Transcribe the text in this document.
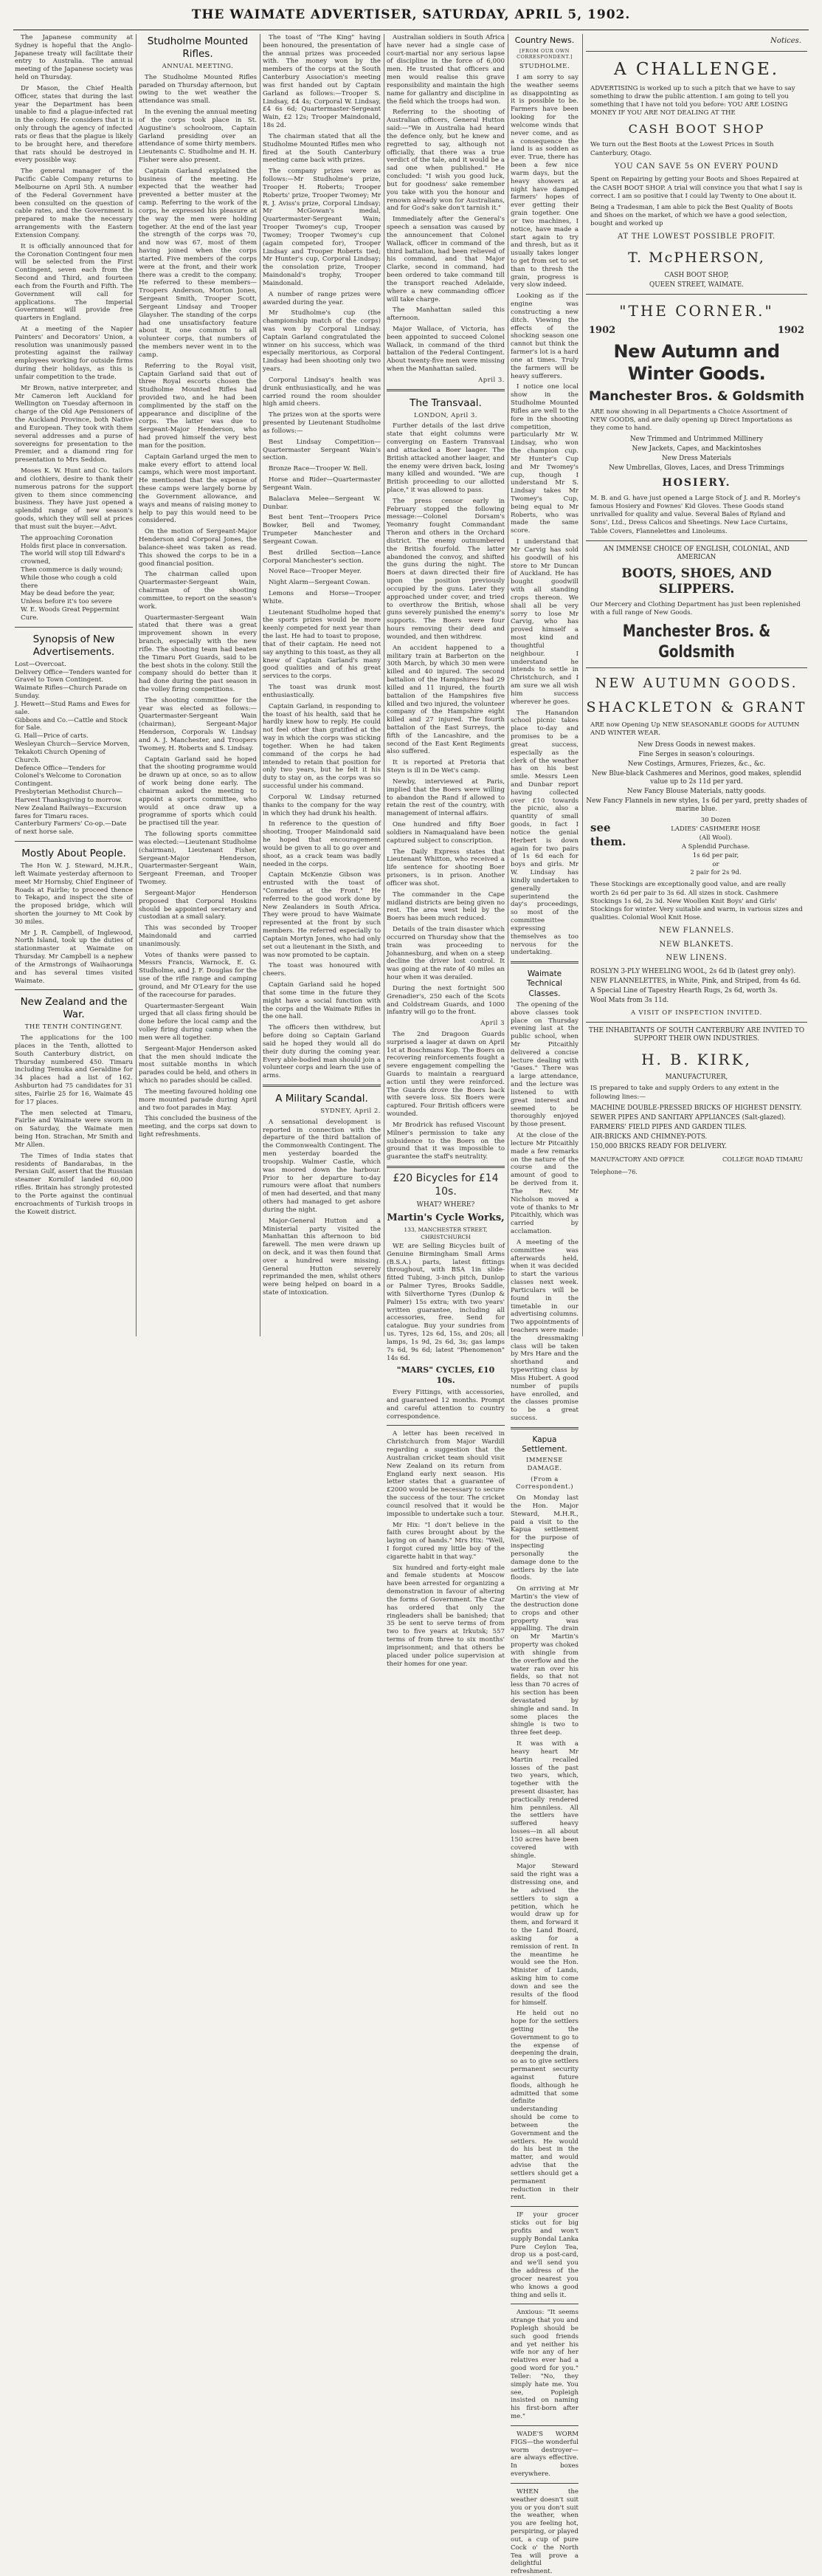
THE WAIMATE ADVERTISER, SATURDAY, APRIL 5, 1902.

The Japanese community at Sydney is hopeful that the Anglo-Japanese treaty will facilitate their entry to Australia. The annual meeting of the Japanese society was held on Thursday.

Dr Mason, the Chief Health Officer, states that during the last year the Department has been unable to find a plague-infected rat in the colony. He considers that it is only through the agency of infected rats or fleas that the plague is likely to be brought here, and therefore that rats should be destroyed in every possible way.

The general manager of the Pacific Cable Company returns to Melbourne on April 5th. A number of the Federal Government have been consulted on the question of cable rates, and the Government is prepared to make the necessary arrangements with the Eastern Extension Company.

It is officially announced that for the Coronation Contingent four men will be selected from the First Contingent, seven each from the Second and Third, and fourteen each from the Fourth and Fifth. The Government will call for applications. The Imperial Government will provide free quarters in England.

At a meeting of the Napier Painters' and Decorators' Union, a resolution was unanimously passed protesting against the railway employees working for outside firms during their holidays, as this is unfair competition to the trade.

Mr Brown, native interpreter, and Mr Cameron left Auckland for Wellington on Tuesday afternoon in charge of the Old Age Pensioners of the Auckland Province, both Native and European. They took with them several addresses and a purse of sovereigns for presentation to the Premier, and a diamond ring for presentation to Mrs Seddon.

Moses K. W. Hunt and Co. tailors and clothiers, desire to thank their numerous patrons for the support given to them since commencing business. They have just opened a splendid range of new season's goods, which they will sell at prices that must suit the buyer.—Advt.

The approaching Coronation
Holds first place in conversation.
The world will stop till Edward's crowned,
Then commerce is daily wound;
While those who cough a cold there
May be dead before the year,
Unless before it's too severe
W. E. Woods Great Peppermint Cure.
Synopsis of New Advertisements.
Lost—Overcoat.
Delivery Office—Tenders wanted for Gravel to Town Contingent.
Waimate Rifles—Church Parade on Sunday.
J. Hewett—Stud Rams and Ewes for sale.
Gibbons and Co.—Cattle and Stock for Sale.
G. Hall—Price of carts.
Wesleyan Church—Service Morven, Tekakoti Church Opening of Church.
Defence Office—Tenders for Colonel's Welcome to Coronation Contingent.
Presbyterian Methodist Church—Harvest Thanksgiving to morrow.
New Zealand Railways—Excursion fares for Timaru races.
Canterbury Farmers' Co-op.—Date of next horse sale.
Mostly About People.

The Hon W. J. Steward, M.H.R., left Waimate yesterday afternoon to meet Mr Hornsby, Chief Engineer of Roads at Fairlie; to proceed thence to Tekapo, and inspect the site of the proposed bridge, which will shorten the journey to Mt Cook by 30 miles.

Mr J. R. Campbell, of Inglewood, North Island, took up the duties of stationmaster at Waimate on Thursday. Mr Campbell is a nephew of the Armstrongs of Waihaorunga and has several times visited Waimate.

New Zealand and the War.
THE TENTH CONTINGENT.

The applications for the 100 places in the Tenth, allotted to South Canterbury district, on Thursday numbered 450. Timaru including Temuka and Geraldine for 34 places had a list of 162. Ashburton had 75 candidates for 31 sites, Fairlie 25 for 16, Waimate 45 for 17 places.

The men selected at Timaru, Fairlie and Waimate were sworn in on Saturday, the Waimate men being Hon. Strachan, Mr Smith and Mr Allen.

The Times of India states that residents of Bandarabas, in the Persian Gulf, assert that the Russian steamer Kornilof landed 60,000 rifles. Britain has strongly protested to the Porte against the continual encroachments of Turkish troops in the Koweit district.

Studholme Mounted Rifles.
ANNUAL MEETING.

The Studholme Mounted Rifles paraded on Thursday afternoon, but owing to the wet weather the attendance was small.

In the evening the annual meeting of the corps took place in St. Augustine's schoolroom, Captain Garland presiding over an attendance of some thirty members. Lieutenants C. Studholme and H. H. Fisher were also present.

Captain Garland explained the business of the meeting. He expected that the weather had prevented a better muster at the camp. Referring to the work of the corps, he expressed his pleasure at the way the men were holding together. At the end of the last year the strength of the corps was 70, and now was 67, most of them having joined when the corps started. Five members of the corps were at the front, and their work there was a credit to the company. He referred to these members—Troopers Anderson, Morton Jones, Sergeant Smith, Trooper Scott, Sergeant Lindsay and Trooper Glaysher. The standing of the corps had one unsatisfactory feature about it, one common to all volunteer corps, that numbers of the members never went in to the camp.

Referring to the Royal visit, Captain Garland said that out of three Royal escorts chosen the Studholme Mounted Rifles had provided two, and he had been complimented by the staff on the appearance and discipline of the corps. The latter was due to Sergeant-Major Henderson, who had proved himself the very best man for the position.

Captain Garland urged the men to make every effort to attend local camps, which were most important. He mentioned that the expense of these camps were largely borne by the Government allowance, and ways and means of raising money to help to pay this would need to be considered.

On the motion of Sergeant-Major Henderson and Corporal Jones, the balance-sheet was taken as read. This showed the corps to be in a good financial position.

The chairman called upon Quartermaster-Sergeant Wain, chairman of the shooting committee, to report on the season's work.

Quartermaster-Sergeant Wain stated that there was a great improvement shown in every branch, especially with the new rifle. The shooting team had beaten the Timaru Port Guards, said to be the best shots in the colony. Still the company should do better than it had done during the past season in the volley firing competitions.

The shooting committee for the year was elected as follows:—Quartermaster-Sergeant Wain (chairman), Sergeant-Major Henderson, Corporals W. Lindsay and A. J. Manchester, and Troopers Twomey, H. Roberts and S. Lindsay.

Captain Garland said he hoped that the shooting programme would be drawn up at once, so as to allow of work being done early. The chairman asked the meeting to appoint a sports committee, who would at once draw up a programme of sports which could be practised till the year.

The following sports committee was elected:—Lieutenant Studholme (chairman), Lieutenant Fisher, Sergeant-Major Henderson, Quartermaster-Sergeant Wain, Sergeant Freeman, and Trooper Twomey.

Sergeant-Major Henderson proposed that Corporal Hoskins should be appointed secretary and custodian at a small salary.

This was seconded by Trooper Maindonald and carried unanimously.

Votes of thanks were passed to Messrs Francis, Warnock, E. G. Studholme, and J. F. Douglas for the use of the rifle range and camping ground, and Mr O'Leary for the use of the racecourse for parades.

Quartermaster-Sergeant Wain urged that all class firing should be done before the local camp and the volley firing during camp when the men were all together.

Sergeant-Major Henderson asked that the men should indicate the most suitable months in which parades could be held, and others in which no parades should be called.

The meeting favoured holding one more mounted parade during April and two foot parades in May.

This concluded the business of the meeting, and the corps sat down to light refreshments.

The toast of "The King" having been honoured, the presentation of the annual prizes was proceeded with. The money won by the members of the corps at the South Canterbury Association's meeting was first handed out by Captain Garland as follows:—Trooper S. Lindsay, £4 4s; Corporal W. Lindsay, £4 6s 6d; Quartermaster-Sergeant Wain, £2 12s; Trooper Maindonald, 18s 2d.

The chairman stated that all the Studholme Mounted Rifles men who fired at the South Canterbury meeting came back with prizes.

The company prizes were as follows:—Mr Studholme's prize, Trooper H. Roberts; Trooper Roberts' prize, Trooper Twomey; Mr R. J. Aviss's prize, Corporal Lindsay; Mr McGowan's medal, Quartermaster-Sergeant Wain; Trooper Twomey's cup, Trooper Twomey; Trooper Twomey's cup (again competed for), Trooper Lindsay and Trooper Roberts tied; Mr Hunter's cup, Corporal Lindsay; the consolation prize, Trooper Maindonald's trophy, Trooper Maindonald.

A number of range prizes were awarded during the year.

Mr Studholme's cup (the championship match of the corps) was won by Corporal Lindsay. Captain Garland congratulated the winner on his success, which was especially meritorious, as Corporal Lindsay had been shooting only two years.

Corporal Lindsay's health was drunk enthusiastically, and he was carried round the room shoulder high amid cheers.

The prizes won at the sports were presented by Lieutenant Studholme as follows:—

Best Lindsay Competition—Quartermaster Sergeant Wain's section.

Bronze Race—Trooper W. Bell.

Horse and Rider—Quartermaster Sergeant Wain.

Balaclava Melee—Sergeant W. Dunbar.

Best bent Tent—Troopers Price Bowker, Bell and Twomey, Trumpeter Manchester and Sergeant Cowan.

Best drilled Section—Lance Corporal Manchester's section.

Novel Race—Trooper Meyer.

Night Alarm—Sergeant Cowan.

Lemons and Horse—Trooper White.

Lieutenant Studholme hoped that the sports prizes would be more keenly competed for next year than the last. He had to toast to propose, that of their captain. He need not say anything to this toast, as they all knew of Captain Garland's many good qualities and of his great services to the corps.

The toast was drunk most enthusiastically.

Captain Garland, in responding to the toast of his health, said that he hardly knew how to reply. He could not feel other than gratified at the way in which the corps was sticking together. When he had taken command of the corps he had intended to retain that position for only two years, but he felt it his duty to stay on, as the corps was so successful under his command.

Corporal W. Lindsay returned thanks to the company for the way in which they had drunk his health.

In reference to the question of shooting, Trooper Maindonald said he hoped that encouragement would be given to all to go over and shoot, as a crack team was badly needed in the corps.

Captain McKenzie Gibson was entrusted with the toast of "Comrades at the Front." He referred to the good work done by New Zealanders in South Africa. They were proud to have Waimate represented at the front by such members. He referred especially to Captain Mortyn Jones, who had only set out a lieutenant in the Sixth, and was now promoted to be captain.

The toast was honoured with cheers.

Captain Garland said he hoped that some time in the future they might have a social function with the corps and the Waimate Rifles in the one hall.

The officers then withdrew, but before doing so Captain Garland said he hoped they would all do their duty during the coming year. Every able-bodied man should join a volunteer corps and learn the use of arms.

A Military Scandal.
SYDNEY, April 2.

A sensational development is reported in connection with the departure of the third battalion of the Commonwealth Contingent. The men yesterday boarded the troopship. Walmer Castle, which was moored down the harbour. Prior to her departure to-day rumours were afloat that numbers of men had deserted, and that many others had managed to get ashore during the night.

Major-General Hutton and a Ministerial party visited the Manhattan this afternoon to bid farewell. The men were drawn up on deck, and it was then found that over a hundred were missing. General Hutton severely reprimanded the men, whilst others were being helped on board in a state of intoxication.

Australian soldiers in South Africa have never had a single case of court-martial nor any serious lapse of discipline in the force of 6,000 men. He trusted that officers and men would realise this grave responsibility and maintain the high name for gallantry and discipline in the field which the troops had won.

Referring to the shooting of Australian officers, General Hutton said:—"We in Australia had heard the defence only, but he knew and regretted to say, although not officially, that there was a true verdict of the tale, and it would be a sad one when published." He concluded: "I wish you good luck, but for goodness' sake remember you take with you the honour and renown already won for Australians, and for God's sake don't tarnish it."

Immediately after the General's speech a sensation was caused by the announcement that Colonel Wallack, officer in command of the third battalion, had been relieved of his command, and that Major Clarke, second in command, had been ordered to take command till the transport reached Adelaide, where a new commanding officer will take charge.

The Manhattan sailed this afternoon.

Major Wallace, of Victoria, has been appointed to succeed Colonel Wallack, in command of the third battalion of the Federal Contingent. About twenty-five men were missing when the Manhattan sailed.

April 3.
The Transvaal.
LONDON, April 3.

Further details of the last drive state that eight columns were converging on Eastern Transvaal and attacked a Boer laager. The British attacked another laager, and the enemy were driven back, losing many killed and wounded. "We are British proceeding to our allotted place," it was allowed to pass.

The press censor early in February stopped the following message:—Colonel Dorsam's Yeomanry fought Commandant Theron and others in the Orchard district. The enemy outnumbered the British fourfold. The latter abandoned the convoy, and shifted the guns during the night. The Boers at dawn directed their fire upon the position previously occupied by the guns. Later they approached under cover, and tried to overthrow the British, whose guns severely punished the enemy's supports. The Boers were four hours removing their dead and wounded, and then withdrew.

An accident happened to a military train at Barberton on the 30th March, by which 30 men were killed and 40 injured. The second battalion of the Hampshires had 29 killed and 11 injured, the fourth battalion of the Hampshires five killed and two injured, the volunteer company of the Hampshire eight killed and 27 injured. The fourth battalion of the East Surreys, the fifth of the Lancashire, and the second of the East Kent Regiments also suffered.

It is reported at Pretoria that Steyn is ill in De Wet's camp.

Newby, interviewed at Paris, implied that the Boers were willing to abandon the Rand if allowed to retain the rest of the country, with management of internal affairs.

One hundred and fifty Boer soldiers in Namaqualand have been captured subject to conscription.

The Daily Express states that Lieutenant Whitton, who received a life sentence for shooting Boer prisoners, is in prison. Another officer was shot.

The commander in the Cape midland districts are being given no rest. The area west held by the Boers has been much reduced.

Details of the train disaster which occurred on Thursday show that the train was proceeding to Johannesburg, and when on a steep decline the driver lost control. It was going at the rate of 40 miles an hour when it was derailed.

During the next fortnight 500 Grenadier's, 250 each of the Scots and Coldstream Guards, and 1000 infantry will go to the front.

April 3

The 2nd Dragoon Guards surprised a laager at dawn on April 1st at Boschmans Kop. The Boers on recovering reinforcements fought a severe engagement compelling the Guards to maintain a rearguard action until they were reinforced. The Guards drove the Boers back with severe loss. Six Boers were captured. Four British officers were wounded.

Mr Brodrick has refused Viscount Milner's permission to take any subsidence to the Boers on the ground that it was impossible to guarantee the staff's neutrality.

£20 Bicycles for £14 10s.
WHAT? WHERE?
Martin's Cycle Works,
133, MANCHESTER STREET, CHRISTCHURCH

WE are Selling Bicycles built of Genuine Birmingham Small Arms (B.S.A.) parts, latest fittings throughout, with BSA 1in slide-fitted Tubing, 3-inch pitch, Dunlop or Palmer Tyres, Brooks Saddle, with Silverthorne Tyres (Dunlop & Palmer) 15s extra; with two years' written guarantee, including all accessories, free. Send for catalogue. Buy your sundries from us. Tyres, 12s 6d, 15s, and 20s; all lamps, 1s 9d, 2s 6d, 3s; gas lamps 7s 6d, 9s 6d; latest "Phenomenon" 14s 6d.

"MARS" CYCLES, £10 10s.

Every Fittings, with accessories, and guaranteed 12 months. Prompt and careful attention to country correspondence.

A letter has been received in Christchurch from Major Wardill regarding a suggestion that the Australian cricket team should visit New Zealand on its return from England early next season. His letter states that a guarantee of £2000 would be necessary to secure the success of the tour. The cricket council resolved that it would be impossible to undertake such a tour.

Mr Hix: "I don't believe in the faith cures brought about by the laying on of hands." Mrs Hix: "Well, I forgot cured my little boy of the cigarette habit in that way."

Six hundred and forty-eight male and female students at Moscow have been arrested for organizing a demonstration in favour of altering the forms of Government. The Czar has ordered that only the ringleaders shall be banished; that 35 be sent to serve terms of from two to five years at Irkutsk; 557 terms of from three to six months' imprisonment; and that others be placed under police supervision at their homes for one year.

Country News.
[FROM OUR OWN CORRESPONDENT.]
STUDHOLME.

I am sorry to say the weather seems as disappointing as it is possible to be. Farmers have been looking for the welcome winds that never come, and as a consequence the land is as sodden as ever. True, there has been a few nice warm days, but the heavy showers at night have damped farmers' hopes of ever getting their grain together. One or two machines, I notice, have made a start again to try and thresh, but as it usually takes longer to get from set to set than to thresh the grain, progress is very slow indeed.

Looking as if the engine was constructing a new ditch. Viewing the effects of the shocking season one cannot but think the farmer's lot is a hard one at times. Truly the farmers will be heavy sufferers.

I notice one local show in the Studholme Mounted Rifles are well to the fore in the shooting competition, particularly Mr W. Lindsay, who won the champion cup. Mr Hunter's Cup and Mr Twomey's cup, though I understand Mr S. Lindsay takes Mr Twomey's Cup, being equal to Mr Roberts, who was made the same score.

I understand that Mr Carvig has sold his goodwill of his store to Mr Duncan of Auckland. He has bought goodwill with all standing crops thereon. We shall all be very sorry to lose Mr Carvig, who has proved himself a most kind and thoughtful neighbour. I understand he intends to settle in Christchurch, and I am sure we all wish him success wherever he goes.

The Hanandon school picnic takes place to-day and promises to be a great success, especially as the clerk of the weather has on his best smile. Messrs Leen and Dunbar report having collected over £10 towards the picnic, also a quantity of small goods, in fact I notice the genial Herbert is down again for two pairs of 1s 6d each for boys and girls. Mr W. Lindsay has kindly undertaken to generally superintend the day's proceedings, so most of the committee expressing themselves as too nervous for the undertaking.

Waimate Technical Classes.

The opening of the above classes took place on Thursday evening last at the public school, when Mr Pitcaithly delivered a concise lecture dealing with "Gases." There was a large attendance, and the lecture was listened to with great interest and seemed to be thoroughly enjoyed by those present.

At the close of the lecture Mr Pitcaithly made a few remarks on the nature of the course and the amount of good to be derived from it. The Rev. Mr Nicholson moved a vote of thanks to Mr Pitcaithly, which was carried by acclamation.

A meeting of the committee was afterwards held, when it was decided to start the various classes next week. Particulars will be found in the timetable in our advertising columns. Two appointments of teachers were made: the dressmaking class will be taken by Mrs Hare and the shorthand and typewriting class by Miss Hubert. A good number of pupils have enrolled, and the classes promise to be a great success.

Kapua Settlement.
IMMENSE DAMAGE.
(From a Correspondent.)

On Monday last the Hon. Major Steward, M.H.R., paid a visit to the Kapua settlement for the purpose of inspecting personally the damage done to the settlers by the late floods.

On arriving at Mr Martin's the view of the destruction done to crops and other property was appalling. The drain on Mr Martin's property was choked with shingle from the overflow and the water ran over his fields, so that not less than 70 acres of his section has been devastated by shingle and sand. In some places the shingle is two to three feet deep.

It was with a heavy heart Mr Martin recalled losses of the past two years, which, together with the present disaster, has practically rendered him penniless. All the settlers have suffered heavy losses—in all about 150 acres have been covered with shingle.

Major Steward said the right was a distressing one, and he advised the settlers to sign a petition, which he would draw up for them, and forward it to the Land Board, asking for a remission of rent. In the meantime he would see the Hon. Minister of Lands, asking him to come down and see the results of the flood for himself.

He held out no hope for the settlers getting the Government to go to the expense of deepening the drain, so as to give settlers permanent security against future floods, although he admitted that some definite understanding should be come to between the Government and the settlers. He would do his best in the matter, and would advise that the settlers should get a permanent reduction in their rent.

IF your grocer sticks out for big profits and won't supply Bondal Lanka Pure Ceylon Tea, drop us a post-card, and we'll send you the address of the grocer nearest you who knows a good thing and sells it.

Anxious: "It seems strange that you and Popleigh should be such good friends and yet neither his wife nor any of her relatives ever had a good word for you." Teller: "No, they simply hate me. You see, Popleigh insisted on naming his first-born after me."

WADE'S WORM FIGS—the wonderful worm destroyer—are always effective. In boxes everywhere.

WHEN the weather doesn't suit you or you don't suit the weather, when you are feeling hot, perspiring, or played out, a cup of pure Cock o' the North Tea will prove a delightful refreshment.

Notices.
A CHALLENGE.
ADVERTISING is worked up to such a pitch that we have to say something to draw the public attention. I am going to tell you something that I have not told you before: YOU ARE LOSING MONEY IF YOU ARE NOT DEALING AT THE
CASH BOOT SHOP
We turn out the Best Boots at the Lowest Prices in South Canterbury, Otago.
YOU CAN SAVE 5s ON EVERY POUND
Spent on Repairing by getting your Boots and Shoes Repaired at the CASH BOOT SHOP. A trial will convince you that what I say is correct. I am so positive that I could lay Twenty to One about it.
Being a Tradesman, I am able to pick the Best Quality of Boots and Shoes on the market, of which we have a good selection, bought and worked up
AT THE LOWEST POSSIBLE PROFIT.
T. McPHERSON,
CASH BOOT SHOP,
QUEEN STREET, WAIMATE.
"THE CORNER."
1902	1902
New Autumn and Winter Goods.
Manchester Bros. & Goldsmith
ARE now showing in all Departments a Choice Assortment of NEW GOODS, and are daily opening up Direct Importations as they come to hand.
New Trimmed and Untrimmed Millinery
New Jackets, Capes, and Mackintoshes
New Dress Materials
New Umbrellas, Gloves, Laces, and Dress Trimmings
HOSIERY.
M. B. and G. have just opened a Large Stock of J. and R. Morley's famous Hosiery and Fownes' Kid Gloves. These Goods stand unrivalled for quality and value. Several Bales of Ryland and Sons', Ltd., Dress Calicos and Sheetings. New Lace Curtains, Table Covers, Flannelettes and Linoleums.
AN IMMENSE CHOICE OF ENGLISH, COLONIAL, AND AMERICAN
BOOTS, SHOES, AND SLIPPERS.
Our Mercery and Clothing Department has just been replenished with a full range of New Goods.
Manchester Bros. & Goldsmith
NEW AUTUMN GOODS.
SHACKLETON & GRANT
ARE now Opening Up NEW SEASONABLE GOODS for AUTUMN AND WINTER WEAR.
New Dress Goods in newest makes.
Fine Serges in season's colourings.
New Costings, Armures, Friezes, &c., &c.
New Blue-black Cashmeres and Merinos, good makes, splendid value up to 2s 11d per yard.
New Fancy Blouse Materials, natty goods.
New Fancy Flannels in new styles, 1s 6d per yard, pretty shades of marine blue.
see them.
30 Dozen
LADIES' CASHMERE HOSE
(All Wool).
A Splendid Purchase.
1s 6d per pair,
or
2 pair for 2s 9d.
These Stockings are exceptionally good value, and are really worth 2s 6d per pair to 3s 6d. All sizes in stock. Cashmere Stockings 1s 6d, 2s 3d. New Woollen Knit Boys' and Girls' Stockings for winter. Very suitable and warm, in various sizes and qualities. Colonial Wool Knit Hose.
NEW FLANNELS.
NEW BLANKETS.
NEW LINENS.
ROSLYN 3-PLY WHEELING WOOL, 2s 6d lb (latest grey only).
NEW FLANNELETTES, in White, Pink, and Striped, from 4s 6d.
A Special Line of Tapestry Hearth Rugs, 2s 6d, worth 3s.
Wool Mats from 3s 11d.
A VISIT OF INSPECTION INVITED.
THE INHABITANTS OF SOUTH CANTERBURY ARE INVITED TO SUPPORT THEIR OWN INDUSTRIES.
H. B. KIRK,
MANUFACTURER,
IS prepared to take and supply Orders to any extent in the following lines:—
MACHINE DOUBLE-PRESSED BRICKS OF HIGHEST DENSITY.
SEWER PIPES AND SANITARY APPLIANCES (Salt-glazed).
FARMERS' FIELD PIPES AND GARDEN TILES.
AIR-BRICKS AND CHIMNEY-POTS.
150,000 BRICKS READY FOR DELIVERY.
MANUFACTORY AND OFFICE	COLLEGE ROAD TIMARU
Telephone—76.
